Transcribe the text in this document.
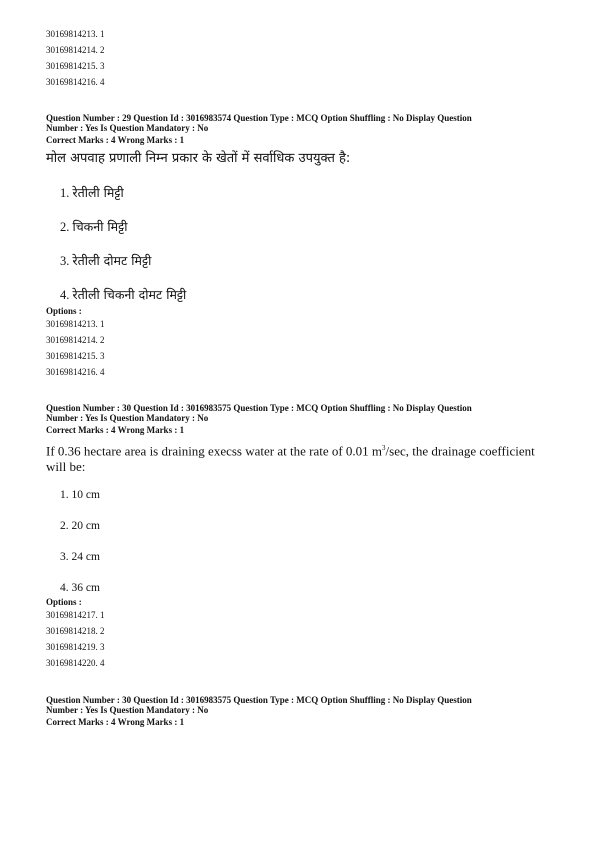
30169814213. 1
30169814214. 2
30169814215. 3
30169814216. 4
Question Number : 29 Question Id : 3016983574 Question Type : MCQ Option Shuffling : No Display Question
Number : Yes Is Question Mandatory : No
Correct Marks : 4 Wrong Marks : 1
मोल अपवाह प्रणाली निम्न प्रकार के खेतों में सर्वाधिक उपयुक्त है:
1. रेतीली मिट्टी
2. चिकनी मिट्टी
3. रेतीली दोमट मिट्टी
4. रेतीली चिकनी दोमट मिट्टी
Options :
30169814213. 1
30169814214. 2
30169814215. 3
30169814216. 4
Question Number : 30 Question Id : 3016983575 Question Type : MCQ Option Shuffling : No Display Question
Number : Yes Is Question Mandatory : No
Correct Marks : 4 Wrong Marks : 1
If 0.36 hectare area is draining execss water at the rate of 0.01 $m^3/\sec$, the drainage coefficient
will be:
1. 10 cm
2. 20 cm
3. 24 cm
4. 36 cm
Options :
30169814217. 1
30169814218. 2
30169814219. 3
30169814220. 4
Question Number : 30 Question Id : 3016983575 Question Type : MCQ Option Shuffling : No Display Question
Number : Yes Is Question Mandatory : No
Correct Marks : 4 Wrong Marks : 1
